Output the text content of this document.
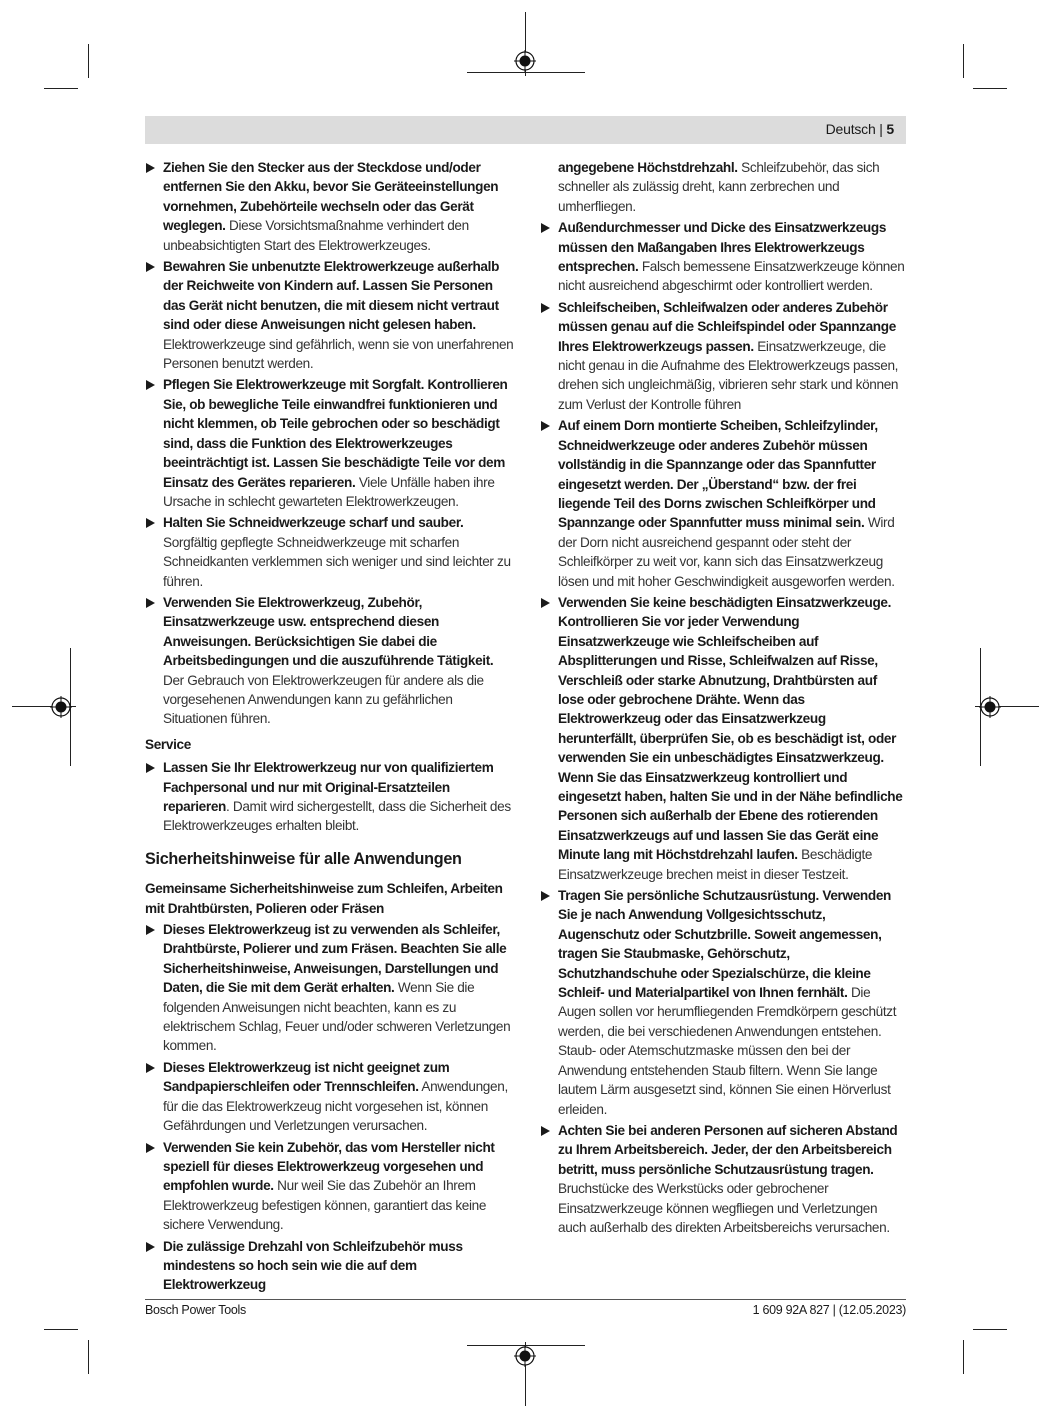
Deutsch | 5
Ziehen Sie den Stecker aus der Steckdose und/oder entfernen Sie den Akku, bevor Sie Geräteeinstellungen vornehmen, Zubehörteile wechseln oder das Gerät weglegen. Diese Vorsichtsmaßnahme verhindert den unbeabsichtigten Start des Elektrowerkzeuges.
Bewahren Sie unbenutzte Elektrowerkzeuge außerhalb der Reichweite von Kindern auf. Lassen Sie Personen das Gerät nicht benutzen, die mit diesem nicht vertraut sind oder diese Anweisungen nicht gelesen haben. Elektrowerkzeuge sind gefährlich, wenn sie von unerfahrenen Personen benutzt werden.
Pflegen Sie Elektrowerkzeuge mit Sorgfalt. Kontrollieren Sie, ob bewegliche Teile einwandfrei funktionieren und nicht klemmen, ob Teile gebrochen oder so beschädigt sind, dass die Funktion des Elektrowerkzeuges beeinträchtigt ist. Lassen Sie beschädigte Teile vor dem Einsatz des Gerätes reparieren. Viele Unfälle haben ihre Ursache in schlecht gewarteten Elektrowerkzeugen.
Halten Sie Schneidwerkzeuge scharf und sauber. Sorgfältig gepflegte Schneidwerkzeuge mit scharfen Schneidkanten verklemmen sich weniger und sind leichter zu führen.
Verwenden Sie Elektrowerkzeug, Zubehör, Einsatzwerkzeuge usw. entsprechend diesen Anweisungen. Berücksichtigen Sie dabei die Arbeitsbedingungen und die auszuführende Tätigkeit. Der Gebrauch von Elektrowerkzeugen für andere als die vorgesehenen Anwendungen kann zu gefährlichen Situationen führen.
Service
Lassen Sie Ihr Elektrowerkzeug nur von qualifiziertem Fachpersonal und nur mit Original-Ersatzteilen reparieren. Damit wird sichergestellt, dass die Sicherheit des Elektrowerkzeuges erhalten bleibt.
Sicherheitshinweise für alle Anwendungen
Gemeinsame Sicherheitshinweise zum Schleifen, Arbeiten mit Drahtbürsten, Polieren oder Fräsen
Dieses Elektrowerkzeug ist zu verwenden als Schleifer, Drahtbürste, Polierer und zum Fräsen. Beachten Sie alle Sicherheitshinweise, Anweisungen, Darstellungen und Daten, die Sie mit dem Gerät erhalten. Wenn Sie die folgenden Anweisungen nicht beachten, kann es zu elektrischem Schlag, Feuer und/oder schweren Verletzungen kommen.
Dieses Elektrowerkzeug ist nicht geeignet zum Sandpapierschleifen oder Trennschleifen. Anwendungen, für die das Elektrowerkzeug nicht vorgesehen ist, können Gefährdungen und Verletzungen verursachen.
Verwenden Sie kein Zubehör, das vom Hersteller nicht speziell für dieses Elektrowerkzeug vorgesehen und empfohlen wurde. Nur weil Sie das Zubehör an Ihrem Elektrowerkzeug befestigen können, garantiert das keine sichere Verwendung.
Die zulässige Drehzahl von Schleifzubehör muss mindestens so hoch sein wie die auf dem Elektrowerkzeug
angegebene Höchstdrehzahl. Schleifzubehör, das sich schneller als zulässig dreht, kann zerbrechen und umherfliegen.
Außendurchmesser und Dicke des Einsatzwerkzeugs müssen den Maßangaben Ihres Elektrowerkzeugs entsprechen. Falsch bemessene Einsatzwerkzeuge können nicht ausreichend abgeschirmt oder kontrolliert werden.
Schleifscheiben, Schleifwalzen oder anderes Zubehör müssen genau auf die Schleifspindel oder Spannzange Ihres Elektrowerkzeugs passen. Einsatzwerkzeuge, die nicht genau in die Aufnahme des Elektrowerkzeugs passen, drehen sich ungleichmäßig, vibrieren sehr stark und können zum Verlust der Kontrolle führen
Auf einem Dorn montierte Scheiben, Schleifzylinder, Schneidwerkzeuge oder anderes Zubehör müssen vollständig in die Spannzange oder das Spannfutter eingesetzt werden. Der „Überstand“ bzw. der frei liegende Teil des Dorns zwischen Schleifkörper und Spannzange oder Spannfutter muss minimal sein. Wird der Dorn nicht ausreichend gespannt oder steht der Schleifkörper zu weit vor, kann sich das Einsatzwerkzeug lösen und mit hoher Geschwindigkeit ausgeworfen werden.
Verwenden Sie keine beschädigten Einsatzwerkzeuge. Kontrollieren Sie vor jeder Verwendung Einsatzwerkzeuge wie Schleifscheiben auf Absplitterungen und Risse, Schleifwalzen auf Risse, Verschleiß oder starke Abnutzung, Drahtbürsten auf lose oder gebrochene Drähte. Wenn das Elektrowerkzeug oder das Einsatzwerkzeug herunterfällt, überprüfen Sie, ob es beschädigt ist, oder verwenden Sie ein unbeschädigtes Einsatzwerkzeug. Wenn Sie das Einsatzwerkzeug kontrolliert und eingesetzt haben, halten Sie und in der Nähe befindliche Personen sich außerhalb der Ebene des rotierenden Einsatzwerkzeugs auf und lassen Sie das Gerät eine Minute lang mit Höchstdrehzahl laufen. Beschädigte Einsatzwerkzeuge brechen meist in dieser Testzeit.
Tragen Sie persönliche Schutzausrüstung. Verwenden Sie je nach Anwendung Vollgesichtsschutz, Augenschutz oder Schutzbrille. Soweit angemessen, tragen Sie Staubmaske, Gehörschutz, Schutzhandschuhe oder Spezialschürze, die kleine Schleif- und Materialpartikel von Ihnen fernhält. Die Augen sollen vor herumfliegenden Fremdkörpern geschützt werden, die bei verschiedenen Anwendungen entstehen. Staub- oder Atemschutzmaske müssen den bei der Anwendung entstehenden Staub filtern. Wenn Sie lange lautem Lärm ausgesetzt sind, können Sie einen Hörverlust erleiden.
Achten Sie bei anderen Personen auf sicheren Abstand zu Ihrem Arbeitsbereich. Jeder, der den Arbeitsbereich betritt, muss persönliche Schutzausrüstung tragen. Bruchstücke des Werkstücks oder gebrochener Einsatzwerkzeuge können wegfliegen und Verletzungen auch außerhalb des direkten Arbeitsbereichs verursachen.
Bosch Power Tools	1 609 92A 827 | (12.05.2023)
